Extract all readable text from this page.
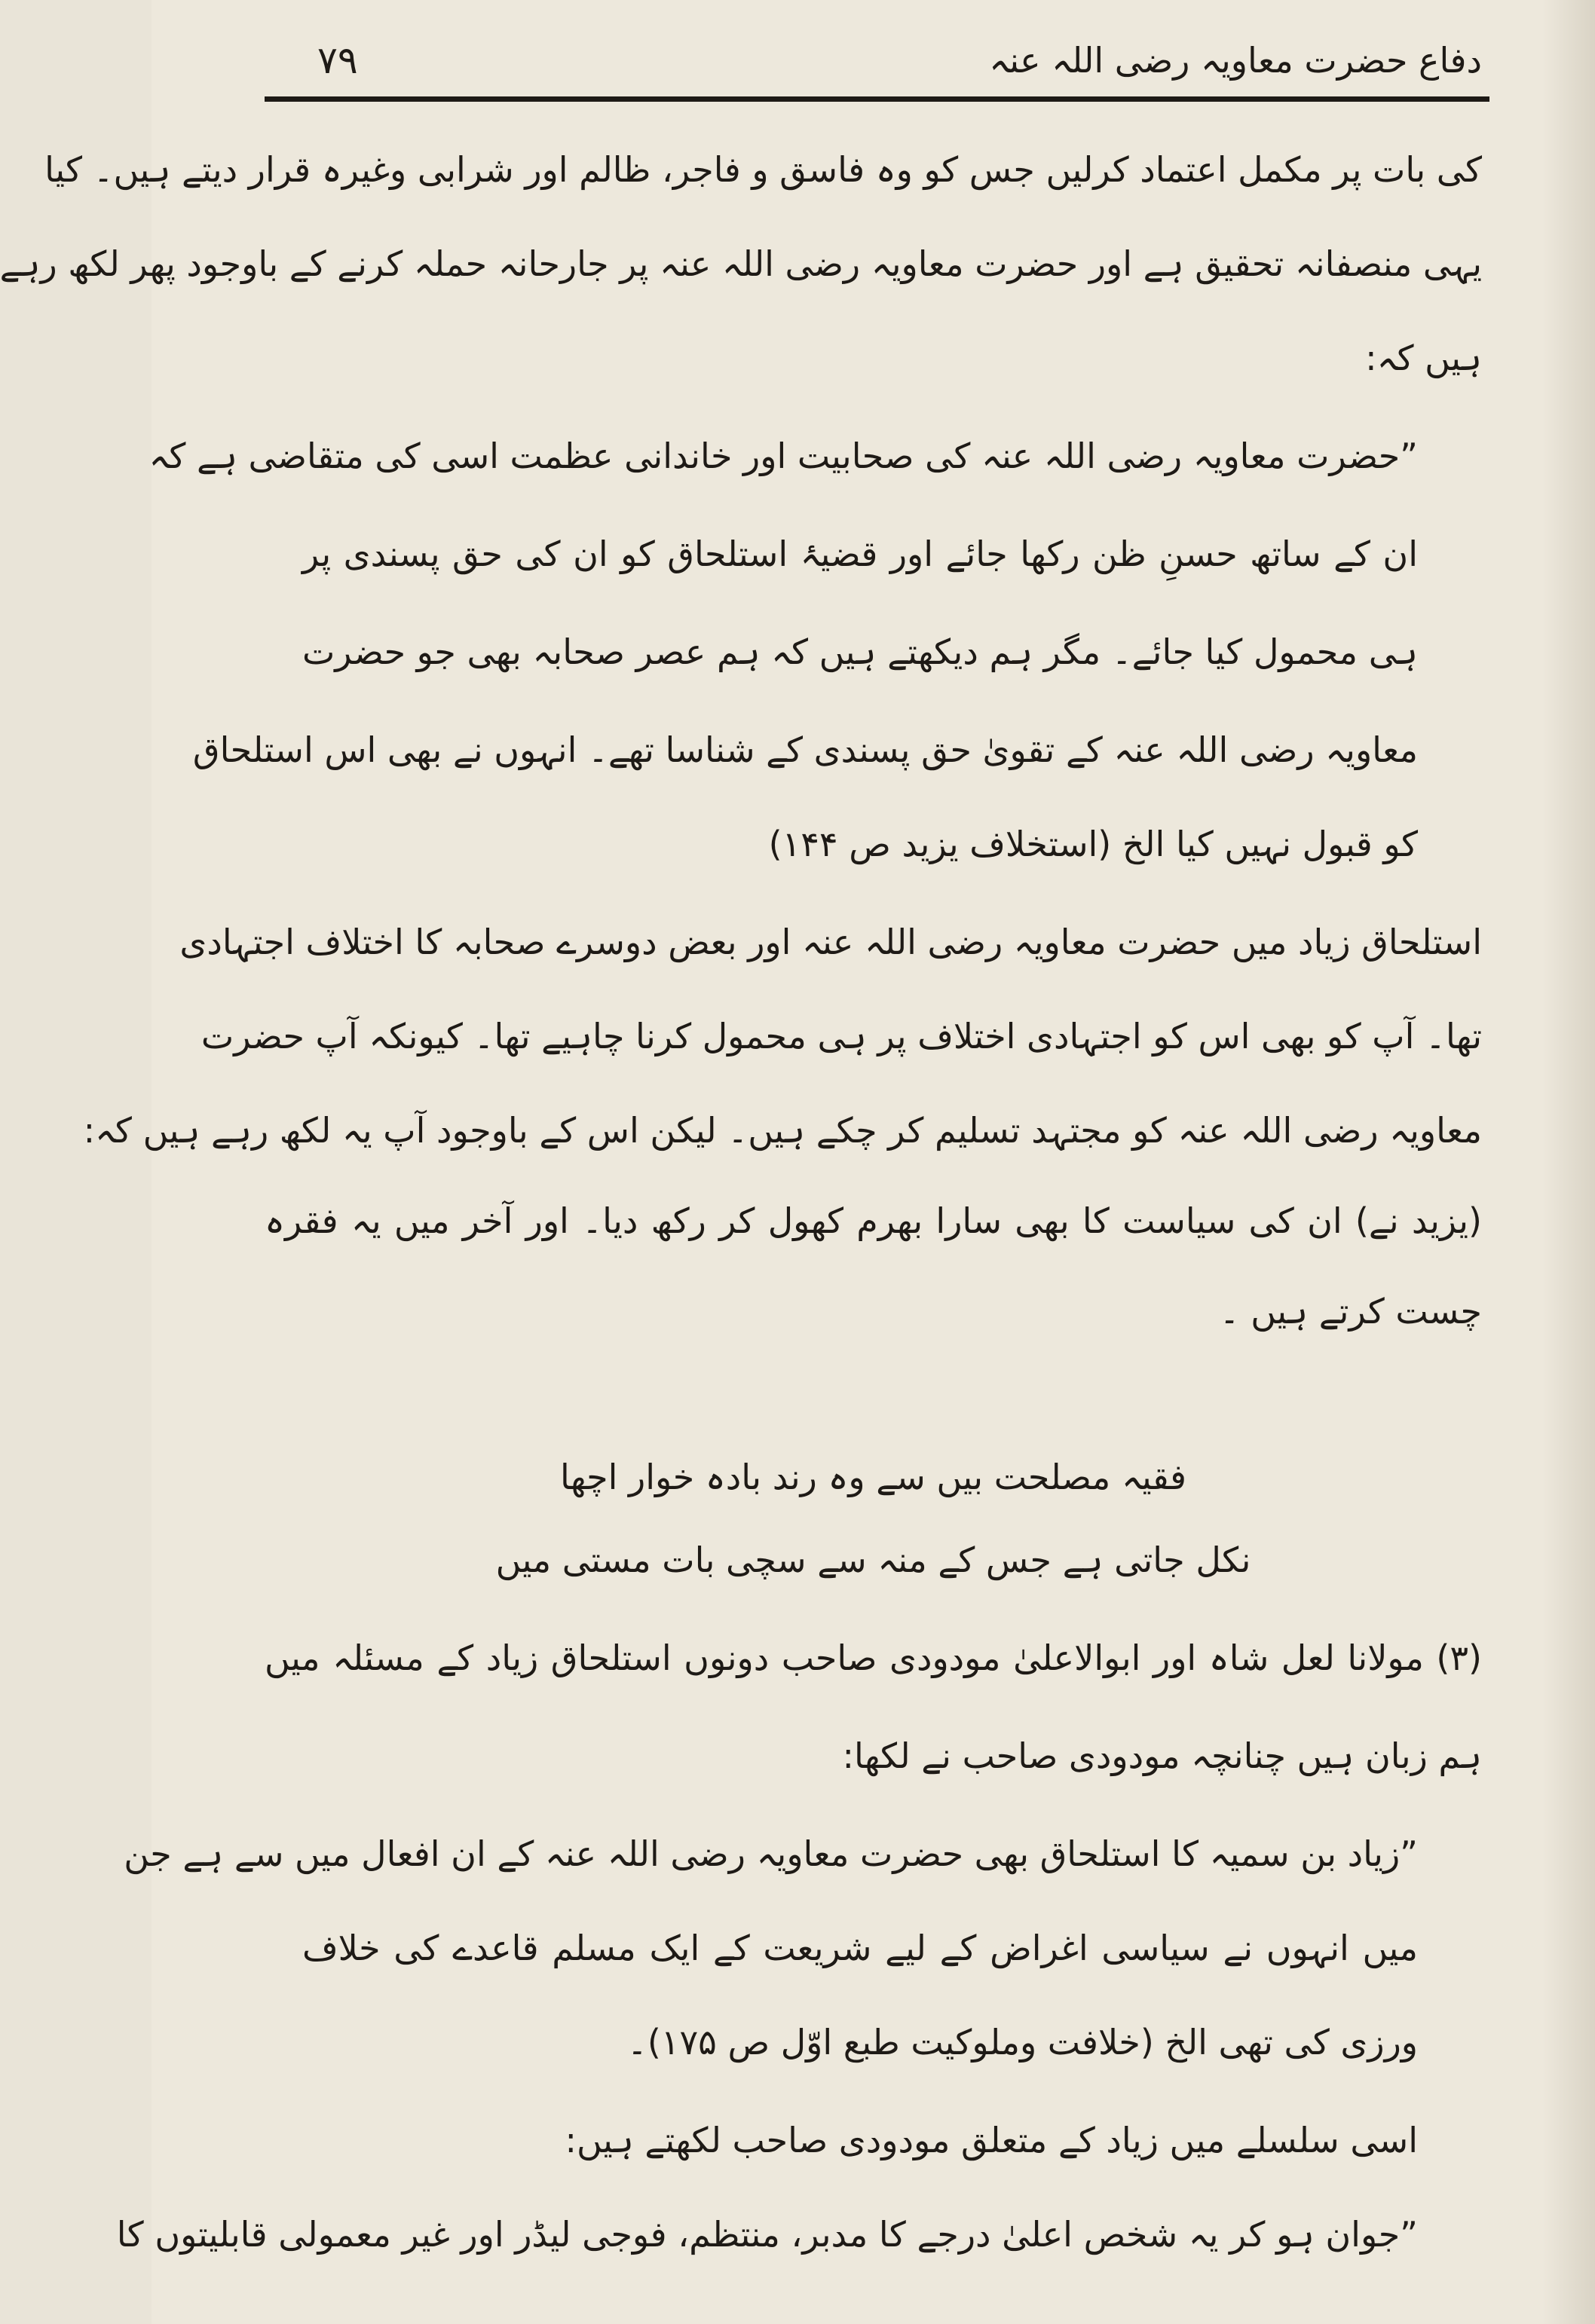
دفاع حضرت معاویہ رضی اللہ عنہ
۷۹
کی بات پر مکمل اعتماد کرلیں جس کو وہ فاسق و فاجر، ظالم اور شرابی وغیرہ قرار دیتے ہیں۔ کیا
یہی منصفانہ تحقیق ہے اور حضرت معاویہ رضی اللہ عنہ پر جارحانہ حملہ کرنے کے باوجود پھر لکھ رہے
ہیں کہ:
”حضرت معاویہ رضی اللہ عنہ کی صحابیت اور خاندانی عظمت اسی کی متقاضی ہے کہ
ان کے ساتھ حسنِ ظن رکھا جائے اور قضیۂ استلحاق کو ان کی حق پسندی پر
ہی محمول کیا جائے۔ مگر ہم دیکھتے ہیں کہ ہم عصر صحابہ بھی جو حضرت
معاویہ رضی اللہ عنہ کے تقویٰ حق پسندی کے شناسا تھے۔ انہوں نے بھی اس استلحاق
کو قبول نہیں کیا الخ (استخلاف یزید ص ۱۴۴)
استلحاق زیاد میں حضرت معاویہ رضی اللہ عنہ اور بعض دوسرے صحابہ کا اختلاف اجتہادی
تھا۔ آپ کو بھی اس کو اجتہادی اختلاف پر ہی محمول کرنا چاہیے تھا۔ کیونکہ آپ حضرت
معاویہ رضی اللہ عنہ کو مجتہد تسلیم کر چکے ہیں۔ لیکن اس کے باوجود آپ یہ لکھ رہے ہیں کہ:
(یزید نے) ان کی سیاست کا بھی سارا بھرم کھول کر رکھ دیا۔ اور آخر میں یہ فقرہ
چست کرتے ہیں ۔
فقیہ مصلحت بیں سے وہ رند بادہ خوار اچھا
نکل جاتی ہے جس کے منہ سے سچی بات مستی میں
(۳) مولانا لعل شاہ اور ابوالاعلیٰ مودودی صاحب دونوں استلحاق زیاد کے مسئلہ میں
ہم زبان ہیں چنانچہ مودودی صاحب نے لکھا:
”زیاد بن سمیہ کا استلحاق بھی حضرت معاویہ رضی اللہ عنہ کے ان افعال میں سے ہے جن
میں انہوں نے سیاسی اغراض کے لیے شریعت کے ایک مسلم قاعدے کی خلاف
ورزی کی تھی الخ (خلافت وملوکیت طبع اوّل ص ۱۷۵)۔
اسی سلسلے میں زیاد کے متعلق مودودی صاحب لکھتے ہیں:
”جوان ہو کر یہ شخص اعلیٰ درجے کا مدبر، منتظم، فوجی لیڈر اور غیر معمولی قابلیتوں کا
